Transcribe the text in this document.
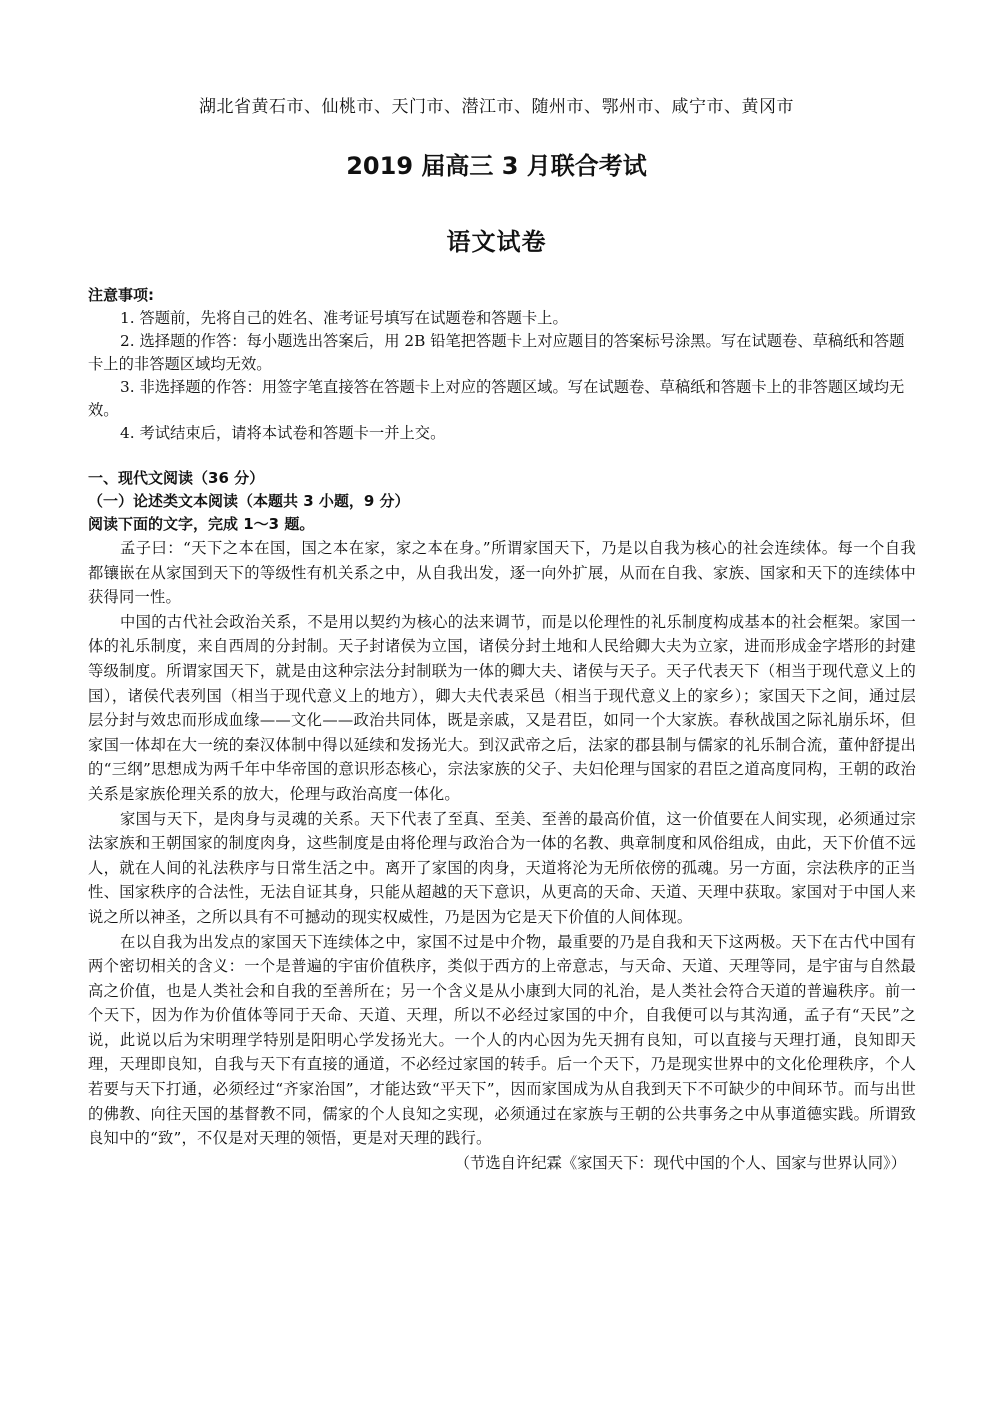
湖北省黄石市、仙桃市、天门市、潜江市、随州市、鄂州市、咸宁市、黄冈市
2019 届高三 3 月联合考试
语文试卷

注意事项:

1. 答题前，先将自己的姓名、准考证号填写在试题卷和答题卡上。

2. 选择题的作答：每小题选出答案后，用 2B 铅笔把答题卡上对应题目的答案标号涂黑。写在试题卷、草稿纸和答题卡上的非答题区域均无效。

3. 非选择题的作答：用签字笔直接答在答题卡上对应的答题区域。写在试题卷、草稿纸和答题卡上的非答题区域均无效。

4. 考试结束后，请将本试卷和答题卡一并上交。

一、现代文阅读（36 分）

（一）论述类文本阅读（本题共 3 小题，9 分）

阅读下面的文字，完成 1～3 题。

孟子曰：“天下之本在国，国之本在家，家之本在身。”所谓家国天下，乃是以自我为核心的社会连续体。每一个自我都镶嵌在从家国到天下的等级性有机关系之中，从自我出发，逐一向外扩展，从而在自我、家族、国家和天下的连续体中获得同一性。

中国的古代社会政治关系，不是用以契约为核心的法来调节，而是以伦理性的礼乐制度构成基本的社会框架。家国一体的礼乐制度，来自西周的分封制。天子封诸侯为立国，诸侯分封土地和人民给卿大夫为立家，进而形成金字塔形的封建等级制度。所谓家国天下，就是由这种宗法分封制联为一体的卿大夫、诸侯与天子。天子代表天下（相当于现代意义上的国），诸侯代表列国（相当于现代意义上的地方），卿大夫代表采邑（相当于现代意义上的家乡）；家国天下之间，通过层层分封与效忠而形成血缘——文化——政治共同体，既是亲戚，又是君臣，如同一个大家族。春秋战国之际礼崩乐坏，但家国一体却在大一统的秦汉体制中得以延续和发扬光大。到汉武帝之后，法家的郡县制与儒家的礼乐制合流，董仲舒提出的“三纲”思想成为两千年中华帝国的意识形态核心，宗法家族的父子、夫妇伦理与国家的君臣之道高度同构，王朝的政治关系是家族伦理关系的放大，伦理与政治高度一体化。

家国与天下，是肉身与灵魂的关系。天下代表了至真、至美、至善的最高价值，这一价值要在人间实现，必须通过宗法家族和王朝国家的制度肉身，这些制度是由将伦理与政治合为一体的名教、典章制度和风俗组成，由此，天下价值不远人，就在人间的礼法秩序与日常生活之中。离开了家国的肉身，天道将沦为无所依傍的孤魂。另一方面，宗法秩序的正当性、国家秩序的合法性，无法自证其身，只能从超越的天下意识，从更高的天命、天道、天理中获取。家国对于中国人来说之所以神圣，之所以具有不可撼动的现实权威性，乃是因为它是天下价值的人间体现。

在以自我为出发点的家国天下连续体之中，家国不过是中介物，最重要的乃是自我和天下这两极。天下在古代中国有两个密切相关的含义：一个是普遍的宇宙价值秩序，类似于西方的上帝意志，与天命、天道、天理等同，是宇宙与自然最高之价值，也是人类社会和自我的至善所在；另一个含义是从小康到大同的礼治，是人类社会符合天道的普遍秩序。前一个天下，因为作为价值体等同于天命、天道、天理，所以不必经过家国的中介，自我便可以与其沟通，孟子有“天民”之说，此说以后为宋明理学特别是阳明心学发扬光大。一个人的内心因为先天拥有良知，可以直接与天理打通，良知即天理，天理即良知，自我与天下有直接的通道，不必经过家国的转手。后一个天下，乃是现实世界中的文化伦理秩序，个人若要与天下打通，必须经过“齐家治国”，才能达致“平天下”，因而家国成为从自我到天下不可缺少的中间环节。而与出世的佛教、向往天国的基督教不同，儒家的个人良知之实现，必须通过在家族与王朝的公共事务之中从事道德实践。所谓致良知中的“致”，不仅是对天理的领悟，更是对天理的践行。

（节选自许纪霖《家国天下：现代中国的个人、国家与世界认同》）
